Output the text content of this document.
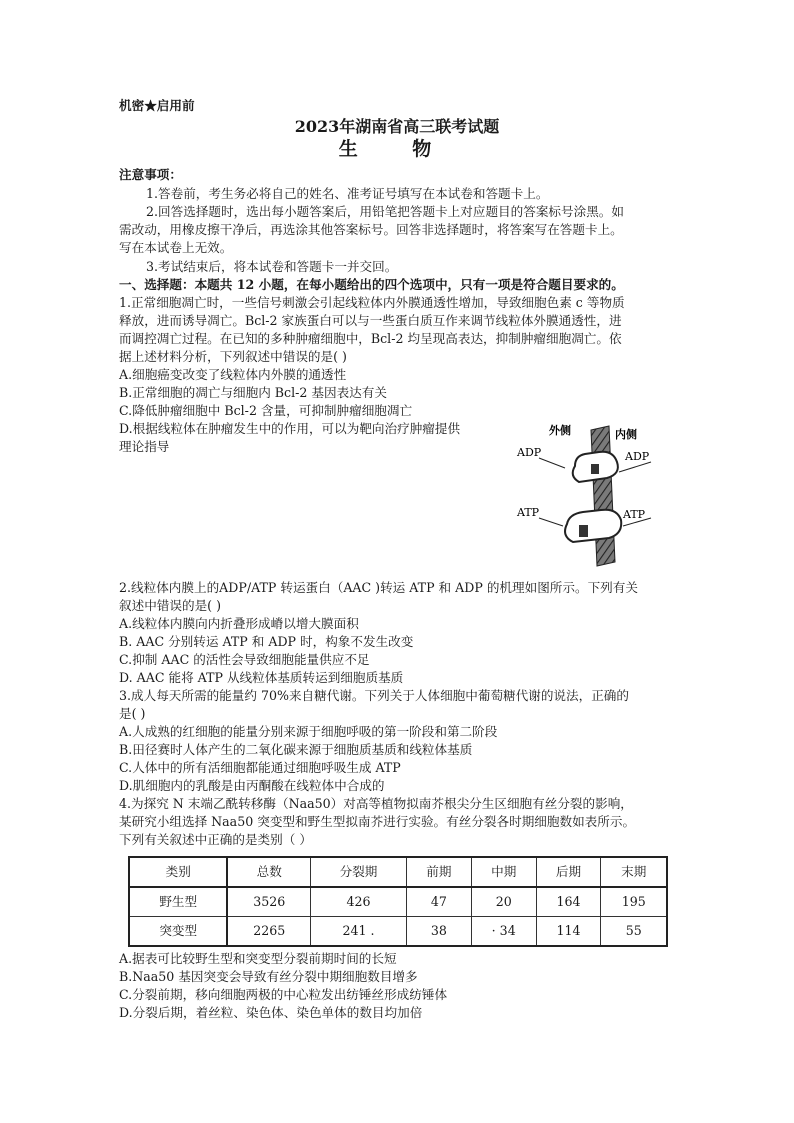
机密★启用前
2023年湖南省高三联考试题
生 物
注意事项：
1.答卷前，考生务必将自己的姓名、准考证号填写在本试卷和答题卡上。
2.回答选择题时，选出每小题答案后，用铅笔把答题卡上对应题目的答案标号涂黑。如
需改动，用橡皮擦干净后，再选涂其他答案标号。回答非选择题时，将答案写在答题卡上。
写在本试卷上无效。
3.考试结束后，将本试卷和答题卡一并交回。
一、选择题：本题共 12 小题，在每小题给出的四个选项中，只有一项是符合题目要求的。
1.正常细胞凋亡时，一些信号刺激会引起线粒体内外膜通透性增加，导致细胞色素 c 等物质
释放，进而诱导凋亡。Bcl-2 家族蛋白可以与一些蛋白质互作来调节线粒体外膜通透性，进
而调控凋亡过程。在已知的多种肿瘤细胞中，Bcl-2 均呈现高表达，抑制肿瘤细胞凋亡。依
据上述材料分析，下列叙述中错误的是( )
A.细胞癌变改变了线粒体内外膜的通透性
B.正常细胞的凋亡与细胞内 Bcl-2 基因表达有关
C.降低肿瘤细胞中 Bcl-2 含量，可抑制肿瘤细胞凋亡
D.根据线粒体在肿瘤发生中的作用，可以为靶向治疗肿瘤提供
理论指导
外侧	内侧
ADP	ADP
ATP	ATP
2.线粒体内膜上的ADP/ATP 转运蛋白（AAC )转运 ATP 和 ADP 的机理如图所示。下列有关
叙述中错误的是( )
A.线粒体内膜向内折叠形成嵴以增大膜面积
B. AAC 分别转运 ATP 和 ADP 时，构象不发生改变
C.抑制 AAC 的活性会导致细胞能量供应不足
D. AAC 能将 ATP 从线粒体基质转运到细胞质基质
3.成人每天所需的能量约 70%来自糖代谢。下列关于人体细胞中葡萄糖代谢的说法，正确的
是( )
A.人成熟的红细胞的能量分别来源于细胞呼吸的第一阶段和第二阶段
B.田径赛时人体产生的二氧化碳来源于细胞质基质和线粒体基质
C.人体中的所有活细胞都能通过细胞呼吸生成 ATP
D.肌细胞内的乳酸是由丙酮酸在线粒体中合成的
4.为探究 N 末端乙酰转移酶（Naa50）对高等植物拟南芥根尖分生区细胞有丝分裂的影响，
某研究小组选择 Naa50 突变型和野生型拟南芥进行实验。有丝分裂各时期细胞数如表所示。
下列有关叙述中正确的是类别（ ）
类别	总数	分裂期	前期	中期	后期	末期
野生型	3526	426	47	20	164	195
突变型	2265	241 .	38	· 34	114	55
A.据表可比较野生型和突变型分裂前期时间的长短
B.Naa50 基因突变会导致有丝分裂中期细胞数目增多
C.分裂前期，移向细胞两极的中心粒发出纺锤丝形成纺锤体
D.分裂后期，着丝粒、染色体、染色单体的数目均加倍
